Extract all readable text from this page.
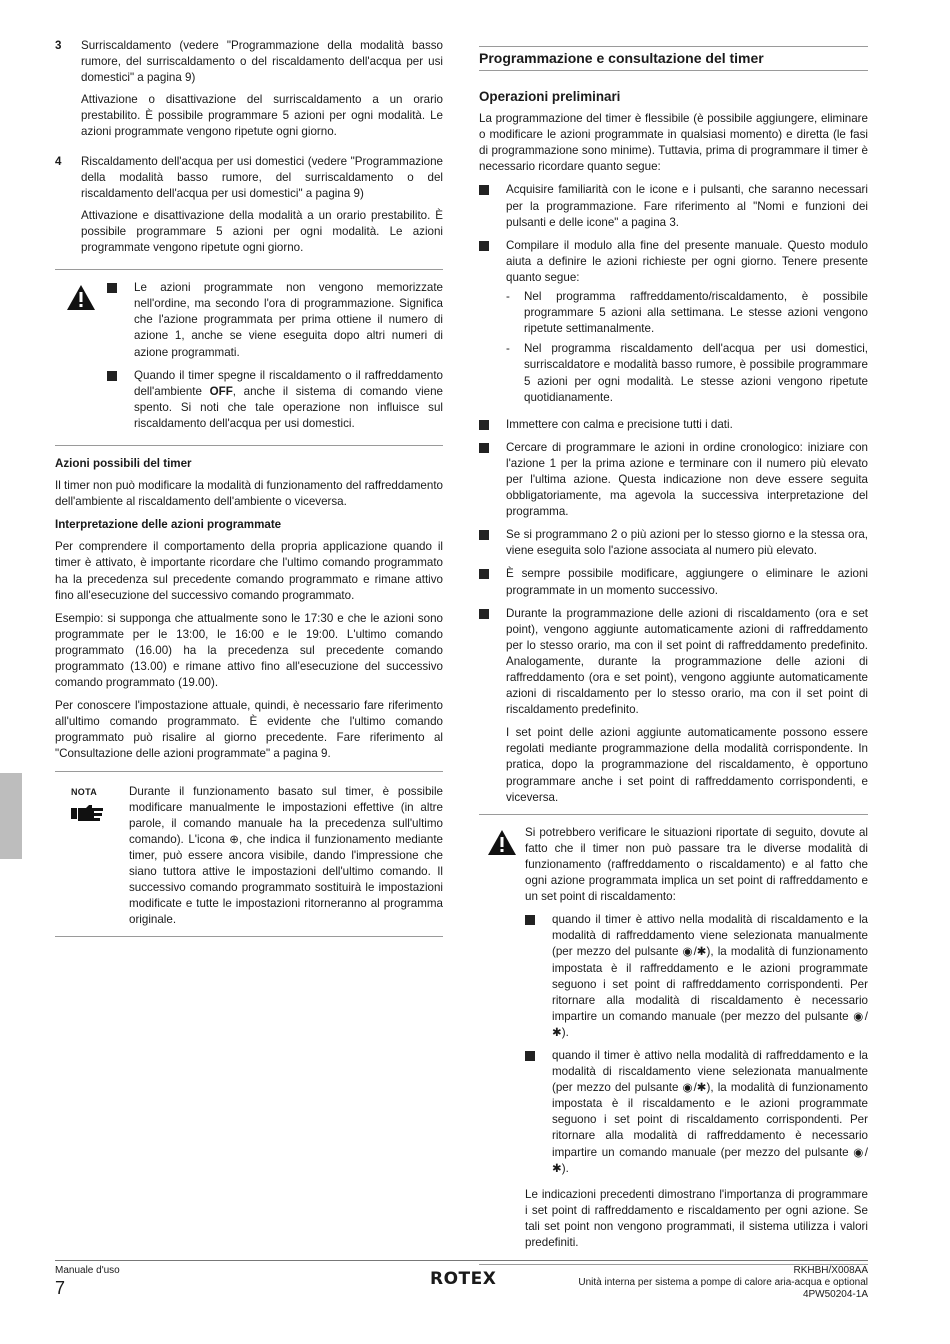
3	Surriscaldamento (vedere "Programmazione della modalità basso rumore, del surriscaldamento o del riscaldamento dell'acqua per usi domestici" a pagina 9)

Attivazione o disattivazione del surriscaldamento a un orario prestabilito. È possibile programmare 5 azioni per ogni modalità. Le azioni programmate vengono ripetute ogni giorno.

4	Riscaldamento dell'acqua per usi domestici (vedere "Programmazione della modalità basso rumore, del surriscaldamento o del riscaldamento dell'acqua per usi domestici" a pagina 9)

Attivazione e disattivazione della modalità a un orario prestabilito. È possibile programmare 5 azioni per ogni modalità. Le azioni programmate vengono ripetute ogni giorno.

Le azioni programmate non vengono memorizzate nell'ordine, ma secondo l'ora di programmazione. Significa che l'azione programmata per prima ottiene il numero di azione 1, anche se viene eseguita dopo altri numeri di azione programmati.
Quando il timer spegne il riscaldamento o il raffreddamento dell'ambiente OFF, anche il sistema di comando viene spento. Si noti che tale operazione non influisce sul riscaldamento dell'acqua per usi domestici.
Azioni possibili del timer

Il timer non può modificare la modalità di funzionamento del raffreddamento dell'ambiente al riscaldamento dell'ambiente o viceversa.

Interpretazione delle azioni programmate

Per comprendere il comportamento della propria applicazione quando il timer è attivato, è importante ricordare che l'ultimo comando programmato ha la precedenza sul precedente comando programmato e rimane attivo fino all'esecuzione del successivo comando programmato.

Esempio: si supponga che attualmente sono le 17:30 e che le azioni sono programmate per le 13:00, le 16:00 e le 19:00. L'ultimo comando programmato (16.00) ha la precedenza sul precedente comando programmato (13.00) e rimane attivo fino all'esecuzione del successivo comando programmato (19.00).

Per conoscere l'impostazione attuale, quindi, è necessario fare riferimento all'ultimo comando programmato. È evidente che l'ultimo comando programmato può risalire al giorno precedente. Fare riferimento al "Consultazione delle azioni programmate" a pagina 9.

NOTA	Durante il funzionamento basato sul timer, è possibile modificare manualmente le impostazioni effettive (in altre parole, il comando manuale ha la precedenza sull'ultimo comando). L'icona ⊕, che indica il funzionamento mediante timer, può essere ancora visibile, dando l'impressione che siano tuttora attive le impostazioni dell'ultimo comando. Il successivo comando programmato sostituirà le impostazioni modificate e tutte le impostazioni ritorneranno al programma originale.
Programmazione e consultazione del timer
Operazioni preliminari

La programmazione del timer è flessibile (è possibile aggiungere, eliminare o modificare le azioni programmate in qualsiasi momento) e diretta (le fasi di programmazione sono minime). Tuttavia, prima di programmare il timer è necessario ricordare quanto segue:

Acquisire familiarità con le icone e i pulsanti, che saranno necessari per la programmazione. Fare riferimento al "Nomi e funzioni dei pulsanti e delle icone" a pagina 3.
Compilare il modulo alla fine del presente manuale. Questo modulo aiuta a definire le azioni richieste per ogni giorno. Tenere presente quanto segue:
-	Nel programma raffreddamento/riscaldamento, è possibile programmare 5 azioni alla settimana. Le stesse azioni vengono ripetute settimanalmente.
-	Nel programma riscaldamento dell'acqua per usi domestici, surriscaldatore e modalità basso rumore, è possibile programmare 5 azioni per ogni modalità. Le stesse azioni vengono ripetute quotidianamente.
Immettere con calma e precisione tutti i dati.
Cercare di programmare le azioni in ordine cronologico: iniziare con l'azione 1 per la prima azione e terminare con il numero più elevato per l'ultima azione. Questa indicazione non deve essere seguita obbligatoriamente, ma agevola la successiva interpretazione del programma.
Se si programmano 2 o più azioni per lo stesso giorno e la stessa ora, viene eseguita solo l'azione associata al numero più elevato.
È sempre possibile modificare, aggiungere o eliminare le azioni programmate in un momento successivo.
Durante la programmazione delle azioni di riscaldamento (ora e set point), vengono aggiunte automaticamente azioni di raffreddamento per lo stesso orario, ma con il set point di raffreddamento predefinito. Analogamente, durante la programmazione delle azioni di raffreddamento (ora e set point), vengono aggiunte automaticamente azioni di riscaldamento per lo stesso orario, ma con il set point di riscaldamento predefinito.
I set point delle azioni aggiunte automaticamente possono essere regolati mediante programmazione della modalità corrispondente. In pratica, dopo la programmazione del riscaldamento, è opportuno programmare anche i set point di raffreddamento corrispondenti, e viceversa.

Si potrebbero verificare le situazioni riportate di seguito, dovute al fatto che il timer non può passare tra le diverse modalità di funzionamento (raffreddamento o riscaldamento) e al fatto che ogni azione programmata implica un set point di raffreddamento e un set point di riscaldamento:

quando il timer è attivo nella modalità di riscaldamento e la modalità di raffreddamento viene selezionata manualmente (per mezzo del pulsante ◉/✱), la modalità di funzionamento impostata è il raffreddamento e le azioni programmate seguono i set point di raffreddamento corrispondenti. Per ritornare alla modalità di riscaldamento è necessario impartire un comando manuale (per mezzo del pulsante ◉/✱).
quando il timer è attivo nella modalità di raffreddamento e la modalità di riscaldamento viene selezionata manualmente (per mezzo del pulsante ◉/✱), la modalità di funzionamento impostata è il riscaldamento e le azioni programmate seguono i set point di riscaldamento corrispondenti. Per ritornare alla modalità di raffreddamento è necessario impartire un comando manuale (per mezzo del pulsante ◉/✱).

Le indicazioni precedenti dimostrano l'importanza di programmare i set point di raffreddamento e riscaldamento per ogni azione. Se tali set point non vengono programmati, il sistema utilizza i valori predefiniti.

Manuale d'uso
7	ROTEX	RKHBH/X008AA
Unità interna per sistema a pompe di calore aria-acqua e optional
4PW50204-1A
